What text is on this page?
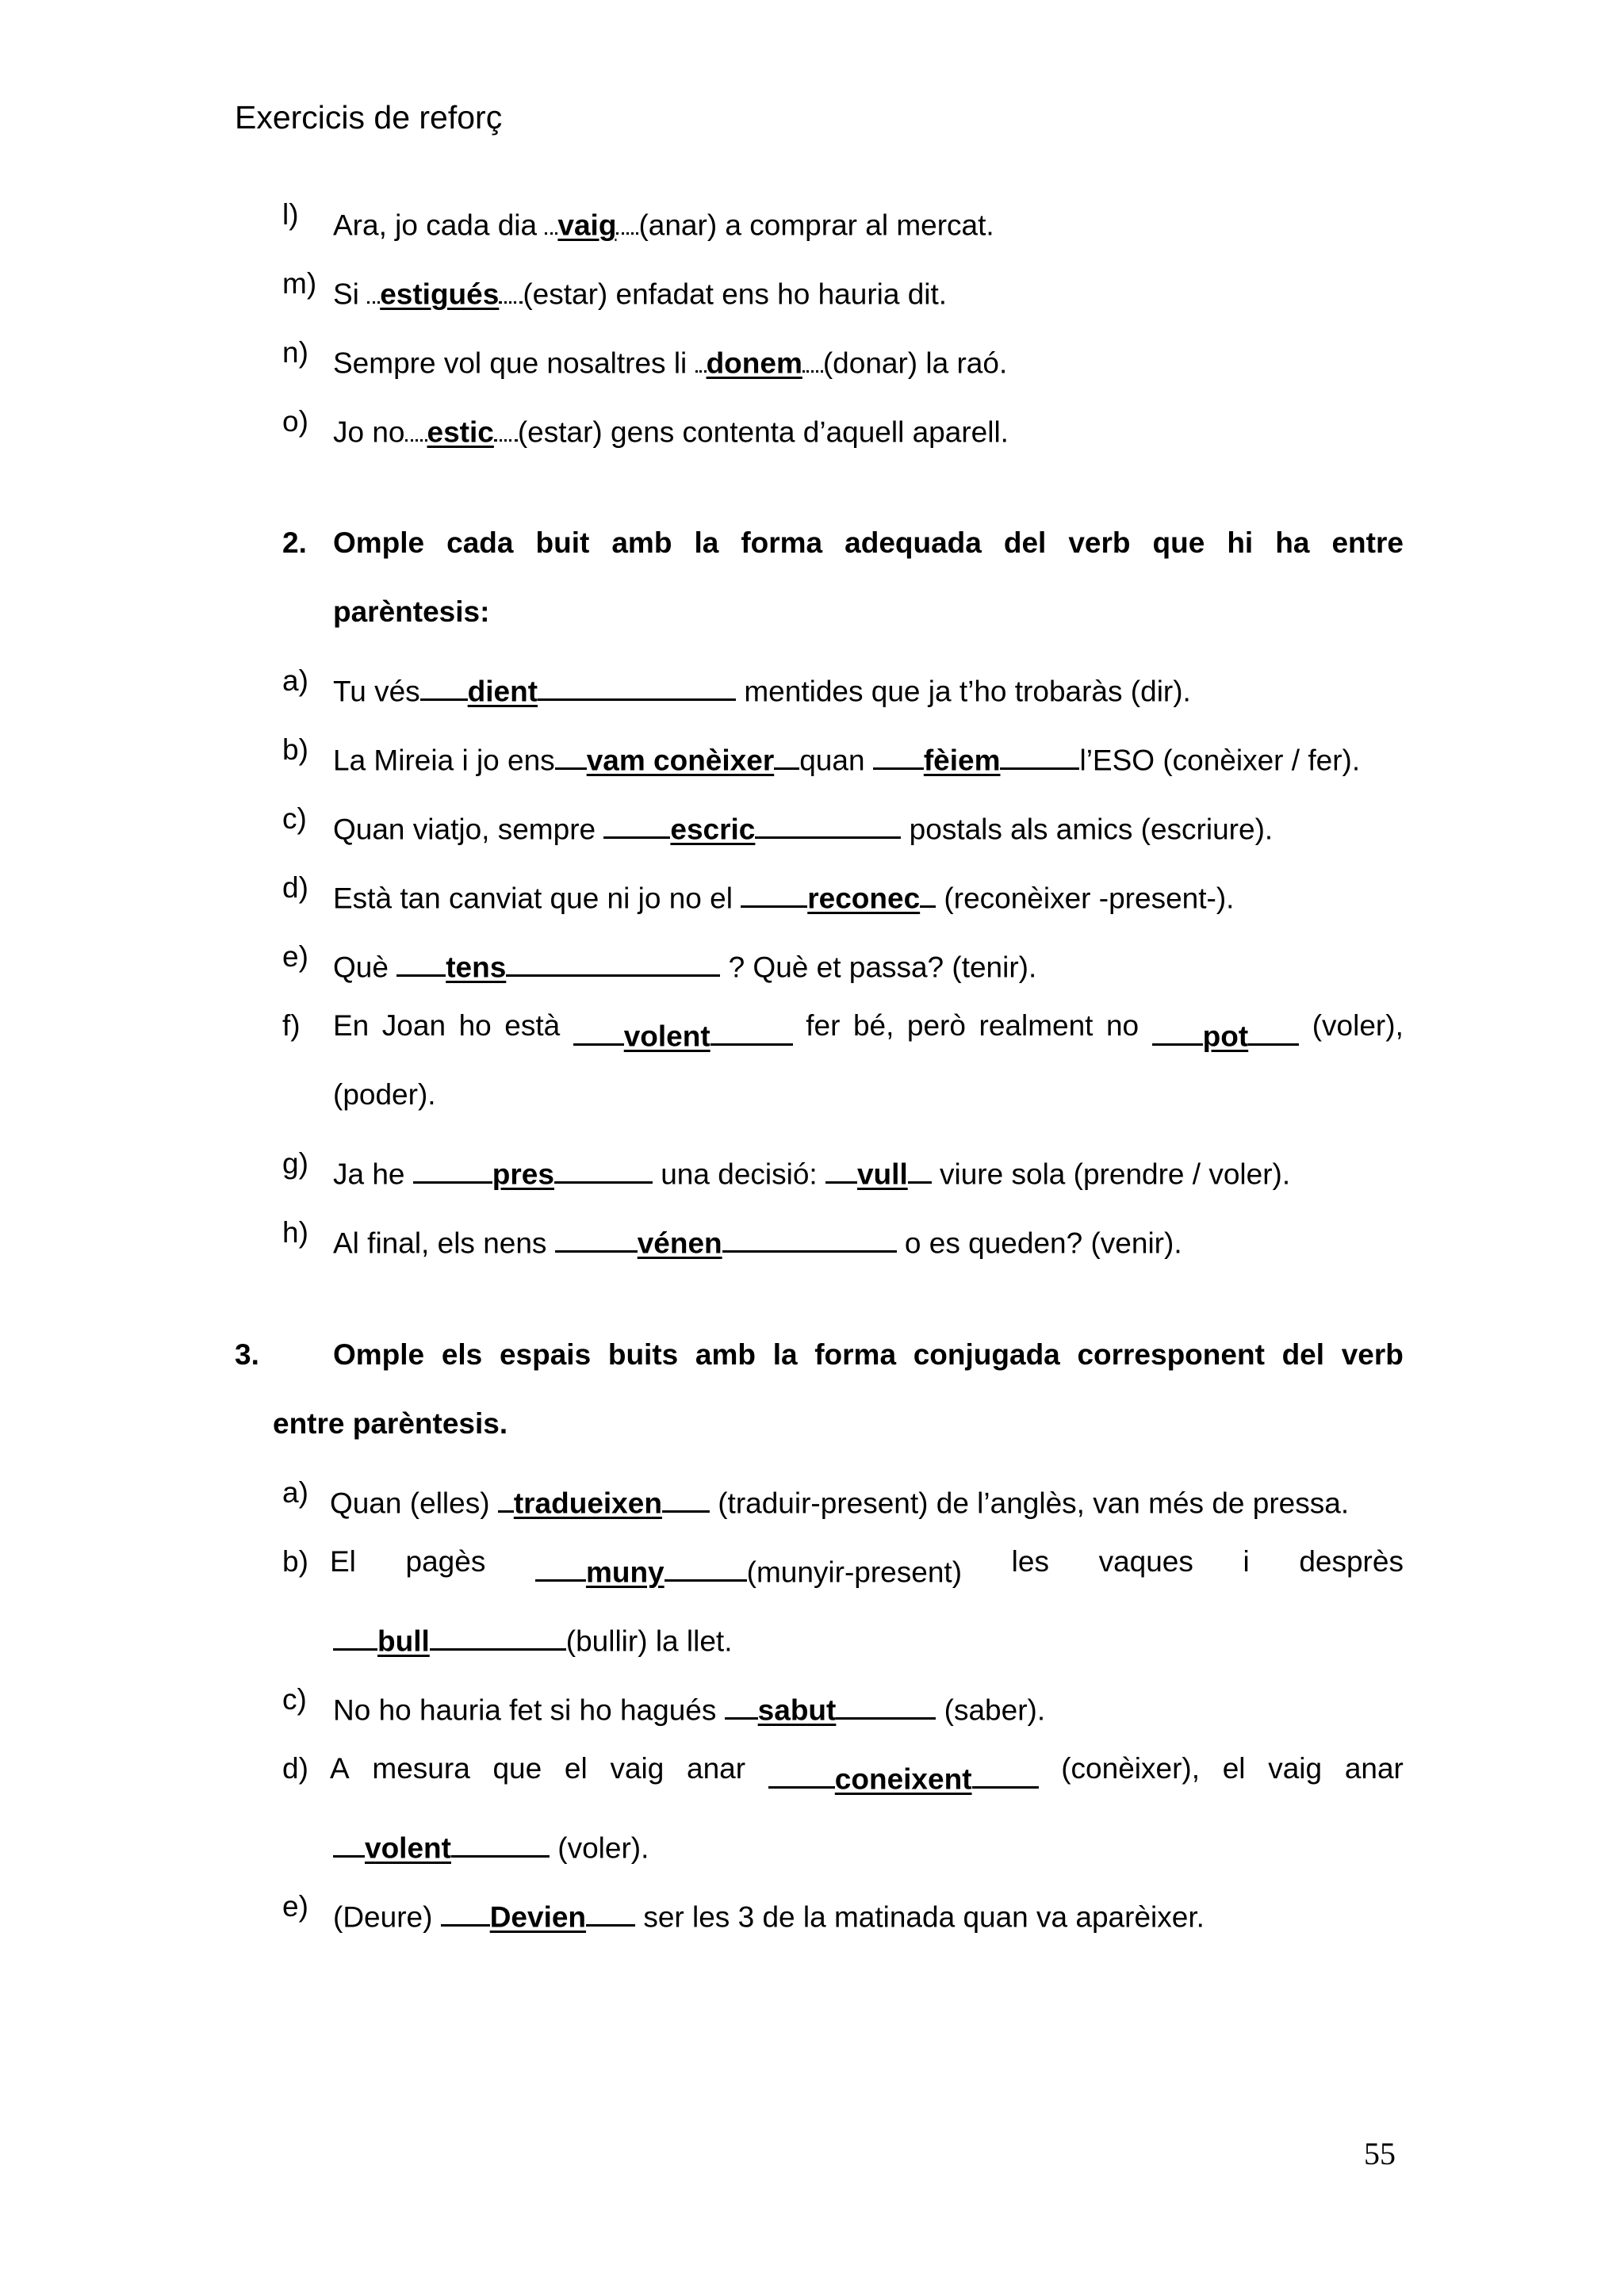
Exercicis de reforç
l) Ara, jo cada dia vaig (anar) a comprar al mercat.
m) Si estigués (estar) enfadat ens ho hauria dit.
n) Sempre vol que nosaltres li donem (donar) la raó.
o) Jo no estic (estar) gens contenta d’aquell aparell.
2. Omple cada buit amb la forma adequada del verb que hi ha entre
parèntesis:
a) Tu vés dient	mentides que ja t’ho trobaràs (dir).
b) La Mireia i jo ens vam conèixer quan fèiem	l’ESO (conèixer / fer).
c) Quan viatjo, sempre escric	postals als amics (escriure).
d) Està tan canviat que ni jo no el reconec (reconèixer -present-).
e) Què tens	? Què et passa? (tenir).
f) En Joan ho està	volent	fer bé, però realment no	pot	(voler),
(poder).
g) Ja he	pres	una decisió: vull viure sola (prendre / voler).
h) Al final, els nens	vénen	o es queden? (venir).
3.	Omple els espais buits amb la forma conjugada corresponent del verb
entre parèntesis.
a) Quan (elles) tradueixen (traduir-present) de l’anglès, van més de pressa.
b) El pagès	muny	(munyir-present) les vaques i desprès
bull	(bullir) la llet.
c) No ho hauria fet si ho hagués sabut	(saber).
d) A mesura que el vaig anar	coneixent	(conèixer), el vaig anar
volent	(voler).
e) (Deure) Devien ser les 3 de la matinada quan va aparèixer.
55
